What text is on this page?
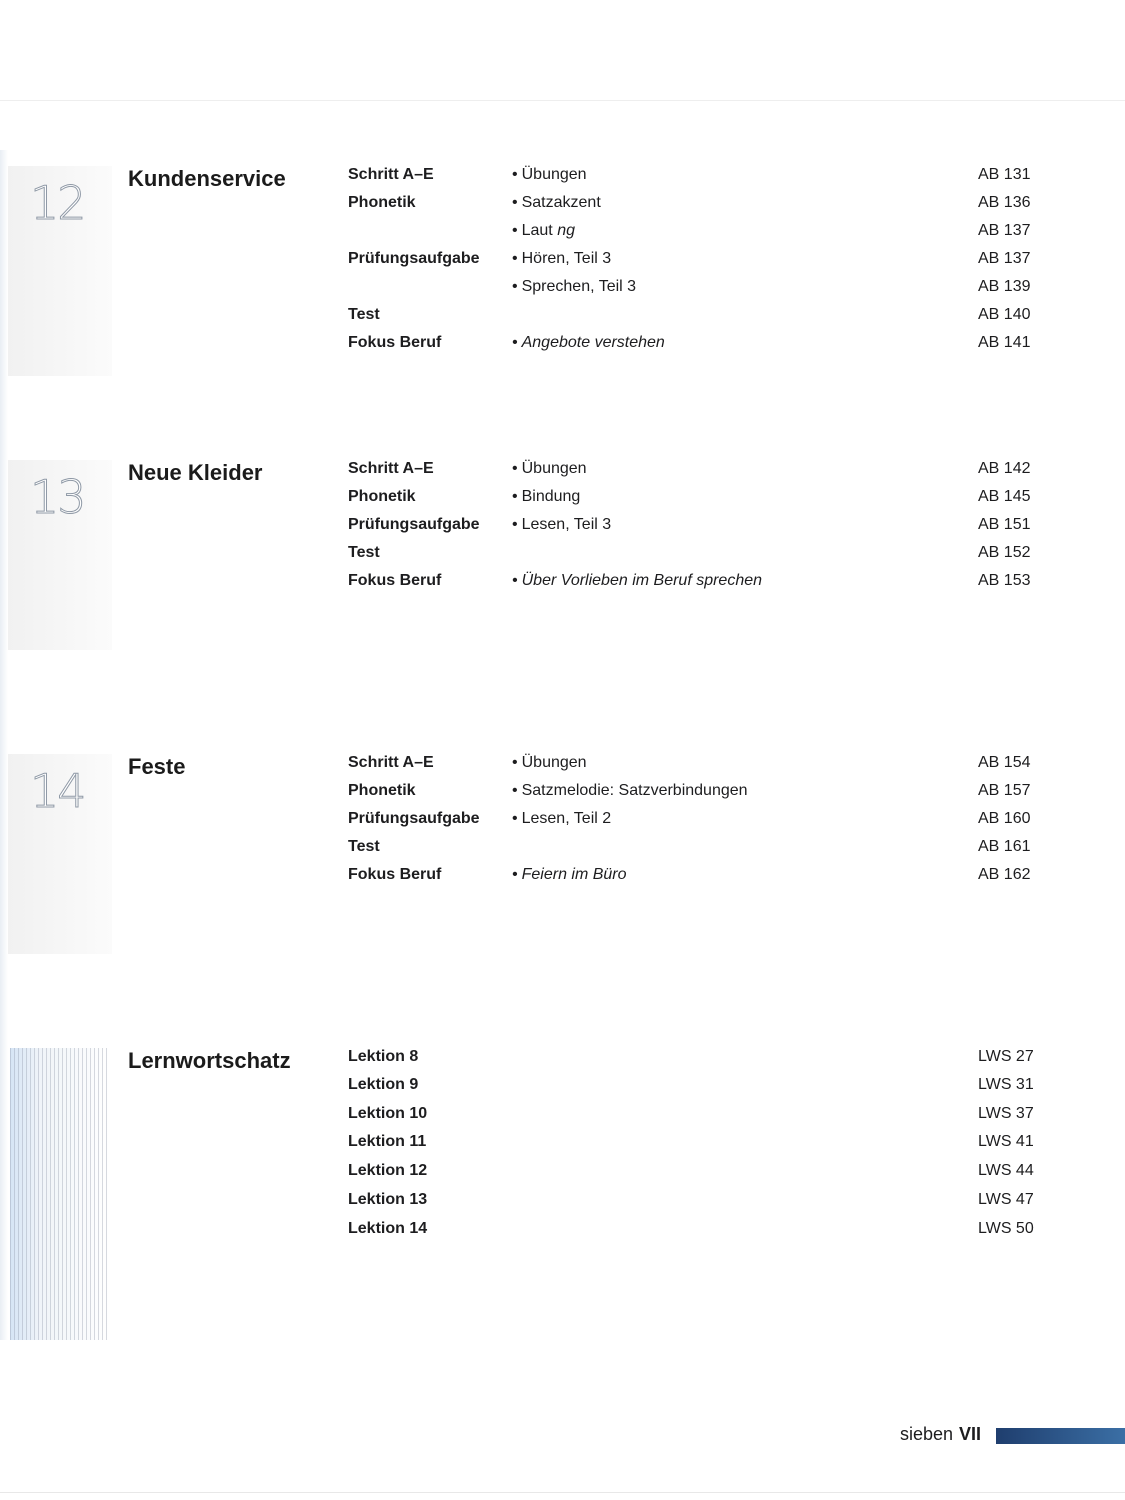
12 Kundenservice	Schritt A–E	• Übungen	AB 131
Phonetik	• Satzakzent	AB 136
• Laut ng	AB 137
Prüfungsaufgabe • Hören, Teil 3	AB 137
• Sprechen, Teil 3	AB 139
Test	AB 140
Fokus Beruf	• Angebote verstehen	AB 141
13 Neue Kleider	Schritt A–E	• Übungen	AB 142
Phonetik	• Bindung	AB 145
Prüfungsaufgabe • Lesen, Teil 3	AB 151
Test	AB 152
Fokus Beruf	• Über Vorlieben im Beruf sprechen	AB 153
14 Feste	Schritt A–E	• Übungen	AB 154
Phonetik	• Satzmelodie: Satzverbindungen	AB 157
Prüfungsaufgabe • Lesen, Teil 2	AB 160
Test	AB 161
Fokus Beruf	• Feiern im Büro	AB 162
Lernwortschatz	Lektion 8	LWS 27
Lektion 9	LWS 31
Lektion 10	LWS 37
Lektion 11	LWS 41
Lektion 12	LWS 44
Lektion 13	LWS 47
Lektion 14	LWS 50
sieben VII
